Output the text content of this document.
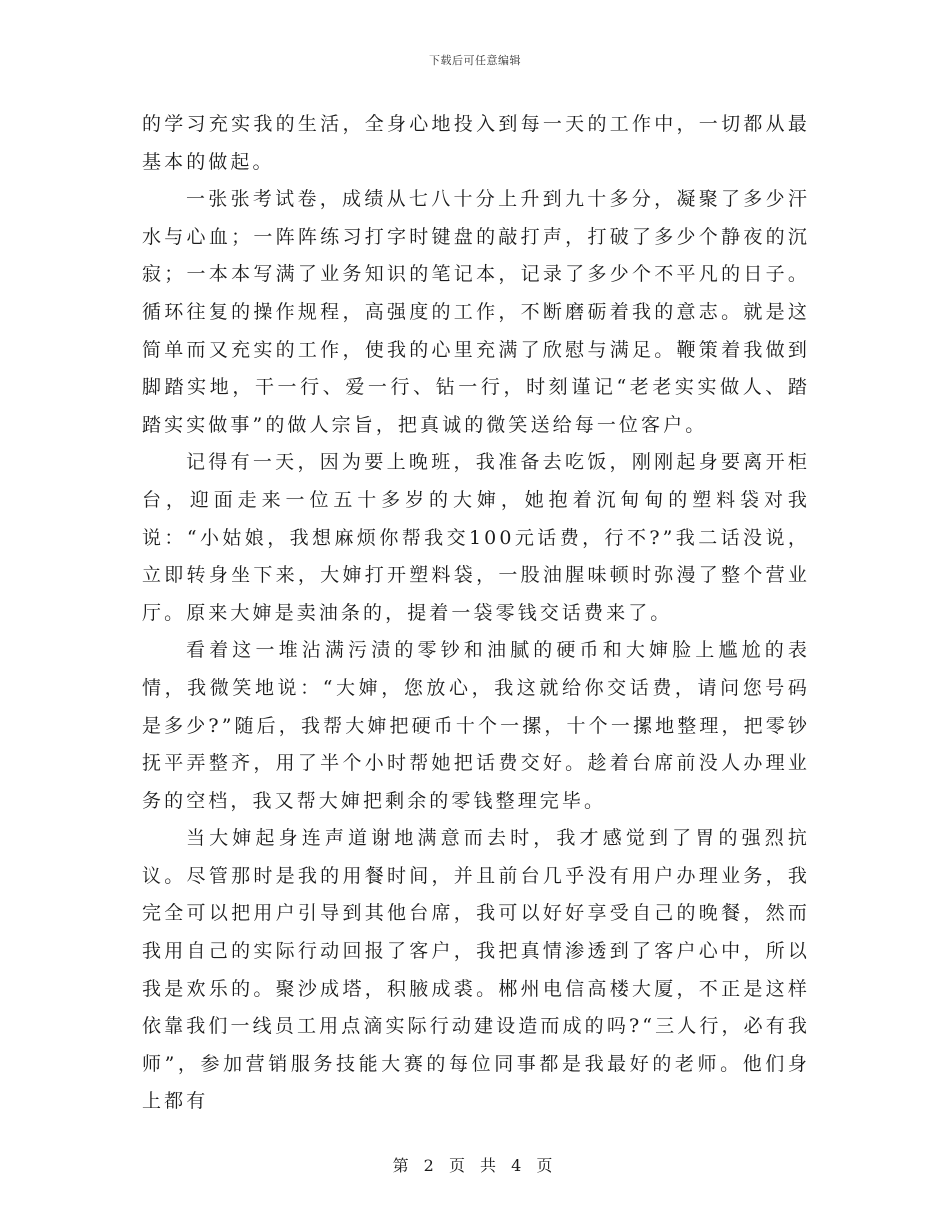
下载后可任意编辑

的学习充实我的生活，全身心地投入到每一天的工作中，一切都从最基本的做起。

一张张考试卷，成绩从七八十分上升到九十多分，凝聚了多少汗水与心血；一阵阵练习打字时键盘的敲打声，打破了多少个静夜的沉寂；一本本写满了业务知识的笔记本，记录了多少个不平凡的日子。循环往复的操作规程，高强度的工作，不断磨砺着我的意志。就是这简单而又充实的工作，使我的心里充满了欣慰与满足。鞭策着我做到脚踏实地，干一行、爱一行、钻一行，时刻谨记“老老实实做人、踏踏实实做事”的做人宗旨，把真诚的微笑送给每一位客户。

记得有一天，因为要上晚班，我准备去吃饭，刚刚起身要离开柜台，迎面走来一位五十多岁的大婶，她抱着沉甸甸的塑料袋对我说：“小姑娘，我想麻烦你帮我交100元话费，行不?”我二话没说，立即转身坐下来，大婶打开塑料袋，一股油腥味顿时弥漫了整个营业厅。原来大婶是卖油条的，提着一袋零钱交话费来了。

看着这一堆沾满污渍的零钞和油腻的硬币和大婶脸上尴尬的表情，我微笑地说：“大婶，您放心，我这就给你交话费，请问您号码是多少?”随后，我帮大婶把硬币十个一摞，十个一摞地整理，把零钞抚平弄整齐，用了半个小时帮她把话费交好。趁着台席前没人办理业务的空档，我又帮大婶把剩余的零钱整理完毕。

当大婶起身连声道谢地满意而去时，我才感觉到了胃的强烈抗议。尽管那时是我的用餐时间，并且前台几乎没有用户办理业务，我完全可以把用户引导到其他台席，我可以好好享受自己的晚餐，然而我用自己的实际行动回报了客户，我把真情渗透到了客户心中，所以我是欢乐的。聚沙成塔，积腋成裘。郴州电信高楼大厦，不正是这样依靠我们一线员工用点滴实际行动建设造而成的吗?“三人行，必有我师”，参加营销服务技能大赛的每位同事都是我最好的老师。他们身上都有

第 2 页 共 4 页
